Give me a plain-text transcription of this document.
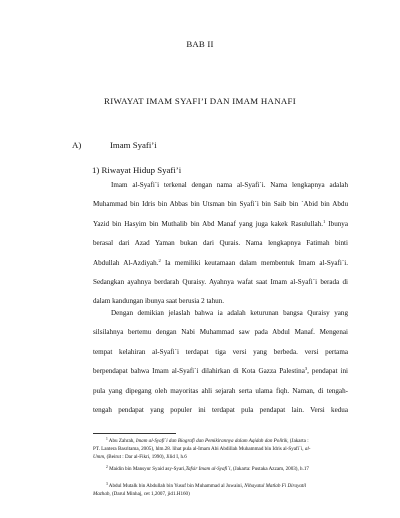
BAB II
RIWAYAT IMAM SYAFI’I DAN IMAM HANAFI
A)	Imam Syafi’i
1) Riwayat Hidup Syafi’i
Imam al-Syafi`i terkenal dengan nama al-Syafi`i. Nama lengkapnya adalah
Muhammad bin Idris bin Abbas bin Utsman bin Syafi`i bin Saib bin `Abid bin Abdu
Yazid bin Hasyim bin Muthalib bin Abd Manaf yang juga kakek Rasulullah.$^1$ Ibunya
berasal dari Azad Yaman bukan dari Qurais. Nama lengkapnya Fatimah binti
Abdullah Al-Azdiyah.$^2$ Ia memiliki keutamaan dalam membentuk Imam al-Syafi`i.
Sedangkan ayahnya berdarah Quraisy. Ayahnya wafat saat Imam al-Syafi`i berada di
dalam kandungan ibunya saat berusia 2 tahun.
Dengan demikian jelaslah bahwa ia adalah keturunan bangsa Quraisy yang
silsilahnya bertemu dengan Nabi Muhammad saw pada Abdul Manaf. Mengenai
tempat kelahiran al-Syafi`i terdapat tiga versi yang berbeda. versi pertama
berpendapat bahwa Imam al-Syafi`i dilahirkan di Kota Gazza Palestina$^3$, pendapat ini
pula yang dipegang oleh mayoritas ahli sejarah serta ulama fiqh. Naman, di tengah-
tengah pendapat yang populer ini terdapat pula pendapat lain. Versi kedua
$^1$ Abu Zahrah, Imam al-Syafi`i dan Biografi dan Pemikirannya dalam Aqidah dan Politik, (Jakarta :
PT. Lantera Basritama, 2005), hlm.28. lihat pula al-Imam Abi Abdillah Muhammad bin Idris al-Syafi`i, al-
Umm, (Beirut : Dar al-Fikri, 1990), Jilid I, h.6
$^2$ Maidin bin Mansyur Syaid asy-Syari,Tafsir Imam al-Syafi`i, (Jakarta: Pustaka Azzam, 2003), h.17
$^3$ Abdul Mutalk bin Abdullah bin Yusuf bin Muhammad al Juwaini, Nihayatul Matlab Fi Dirayatil
Mazhab, (Darul Minhaj, cet 1,2007, jid1.H160)
